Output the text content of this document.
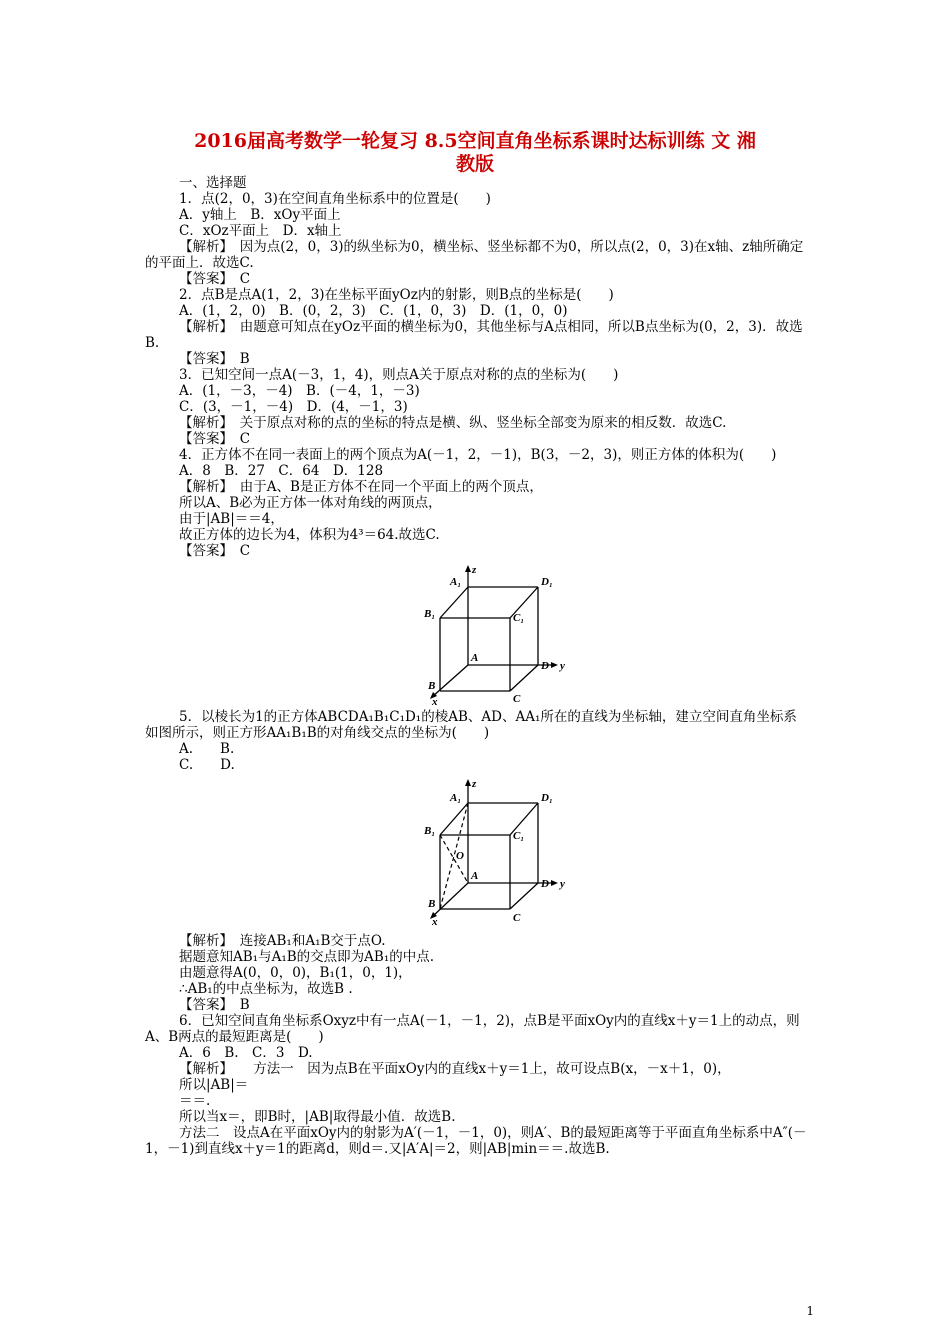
2016届高考数学一轮复习 8.5空间直角坐标系课时达标训练 文 湘
教版
一、选择题
1．点(2，0，3)在空间直角坐标系中的位置是(　　)
A．y轴上　B．xOy平面上
C．xOz平面上　D．x轴上
【解析】　因为点(2，0，3)的纵坐标为0，横坐标、竖坐标都不为0，所以点(2，0，3)在x轴、z轴所确定的平面上．故选C.
【答案】　C
2．点B是点A(1，2，3)在坐标平面yOz内的射影，则B点的坐标是(　　)
A．(1，2，0)　B．(0，2，3)　C．(1，0，3)　D．(1，0，0)
【解析】　由题意可知点在yOz平面的横坐标为0，其他坐标与A点相同，所以B点坐标为(0，2，3)．故选B.
【答案】　B
3．已知空间一点A(－3，1，4)，则点A关于原点对称的点的坐标为(　　)
A．(1，－3，－4)　B．(－4，1，－3)
C．(3，－1，－4)　D．(4，－1，3)
【解析】　关于原点对称的点的坐标的特点是横、纵、竖坐标全部变为原来的相反数．故选C.
【答案】　C
4．正方体不在同一表面上的两个顶点为A(－1，2，－1)，B(3，－2，3)，则正方体的体积为(　　)
A．8　B．27　C．64　D．128
【解析】　由于A、B是正方体不在同一个平面上的两个顶点，
所以A、B必为正方体一体对角线的两顶点，
由于|AB|＝＝4，
故正方体的边长为4，体积为4³＝64.故选C.
【答案】　C
z
A₁	D₁
B₁	C₁
A
D y
B
C
x
5．以棱长为1的正方体ABCDA₁B₁C₁D₁的棱AB、AD、AA₁所在的直线为坐标轴，建立空间直角坐标系如图所示，则正方形AA₁B₁B的对角线交点的坐标为(　　)
A.　　B.
C.　　D.
z
A₁	D₁
B₁	C₁
O
A
D y
B
C
x
【解析】　连接AB₁和A₁B交于点O.
据题意知AB₁与A₁B的交点即为AB₁的中点.
由题意得A(0，0，0)，B₁(1，0，1)，
∴AB₁的中点坐标为，故选B .
【答案】　B
6．已知空间直角坐标系Oxyz中有一点A(－1，－1，2)，点B是平面xOy内的直线x＋y＝1上的动点，则A、B两点的最短距离是(　　)
A．6　B.　C．3　D.
【解析】　　方法一　因为点B在平面xOy内的直线x＋y＝1上，故可设点B(x，－x＋1，0)，
所以|AB|＝
＝＝.
所以当x＝，即B时，|AB|取得最小值．故选B.
方法二　设点A在平面xOy内的射影为A′(－1，－1，0)，则A′、B的最短距离等于平面直角坐标系中A″(－1，－1)到直线x＋y＝1的距离d，则d＝.又|A′A|＝2，则|AB|min＝＝.故选B.
1
